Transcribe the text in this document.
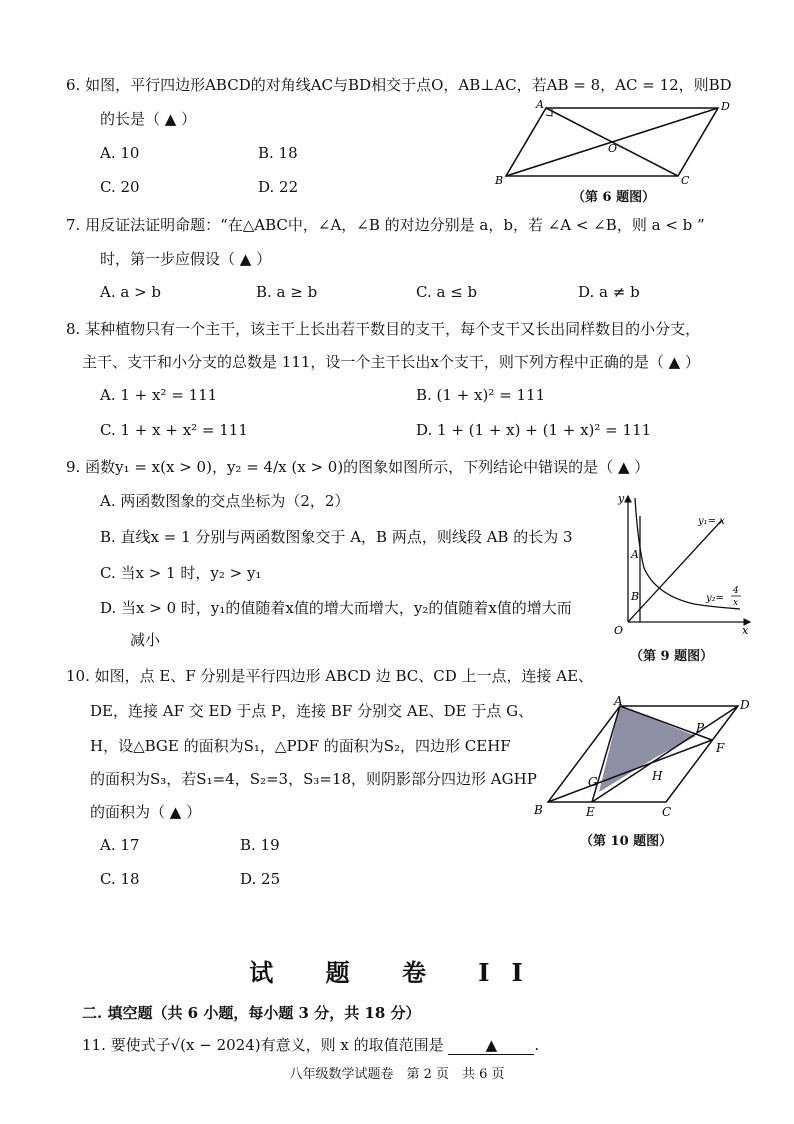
6. 如图，平行四边形ABCD的对角线AC与BD相交于点O，AB⊥AC，若AB = 8，AC = 12，则BD
的长是（ ▲ ）
A. 10	B. 18
C. 20	D. 22
A	D
B	C
O
（第 6 题图）
7. 用反证法证明命题：“在△ABC中，∠A，∠B 的对边分别是 a，b，若 ∠A < ∠B，则 a < b ”
时，第一步应假设（ ▲ ）
A. a > b	B. a ≥ b	C. a ≤ b	D. a ≠ b
8. 某种植物只有一个主干，该主干上长出若干数目的支干，每个支干又长出同样数目的小分支，
主干、支干和小分支的总数是 111，设一个主干长出x个支干，则下列方程中正确的是（ ▲ ）
A. 1 + x² = 111	B. (1 + x)² = 111
C. 1 + x + x² = 111	D. 1 + (1 + x) + (1 + x)² = 111
9. 函数y₁ = x(x > 0)，y₂ = 4/x (x > 0)的图象如图所示，下列结论中错误的是（ ▲ ）
A. 两函数图象的交点坐标为（2，2）
B. 直线x = 1 分别与两函数图象交于 A，B 两点，则线段 AB 的长为 3
C. 当x > 1 时，y₂ > y₁
D. 当x > 0 时，y₁的值随着x值的增大而增大，y₂的值随着x值的增大而
减小
y
x
O
A
B
y₁= x
y₂=
4
x
（第 9 题图）
10. 如图，点 E、F 分别是平行四边形 ABCD 边 BC、CD 上一点，连接 AE、
DE，连接 AF 交 ED 于点 P，连接 BF 分别交 AE、DE 于点 G、
H，设△BGE 的面积为S₁，△PDF 的面积为S₂，四边形 CEHF
的面积为S₃，若S₁=4，S₂=3，S₃=18，则阴影部分四边形 AGHP
的面积为（ ▲ ）
A. 17	B. 19
C. 18	D. 25
A	D
B	C
E
F
G	H
P
（第 10 题图）
试 题 卷 II
二. 填空题（共 6 小题，每小题 3 分，共 18 分）
11. 要使式子√(x − 2024)有意义，则 x 的取值范围是	▲ .
八年级数学试题卷　第 2 页　共 6 页
